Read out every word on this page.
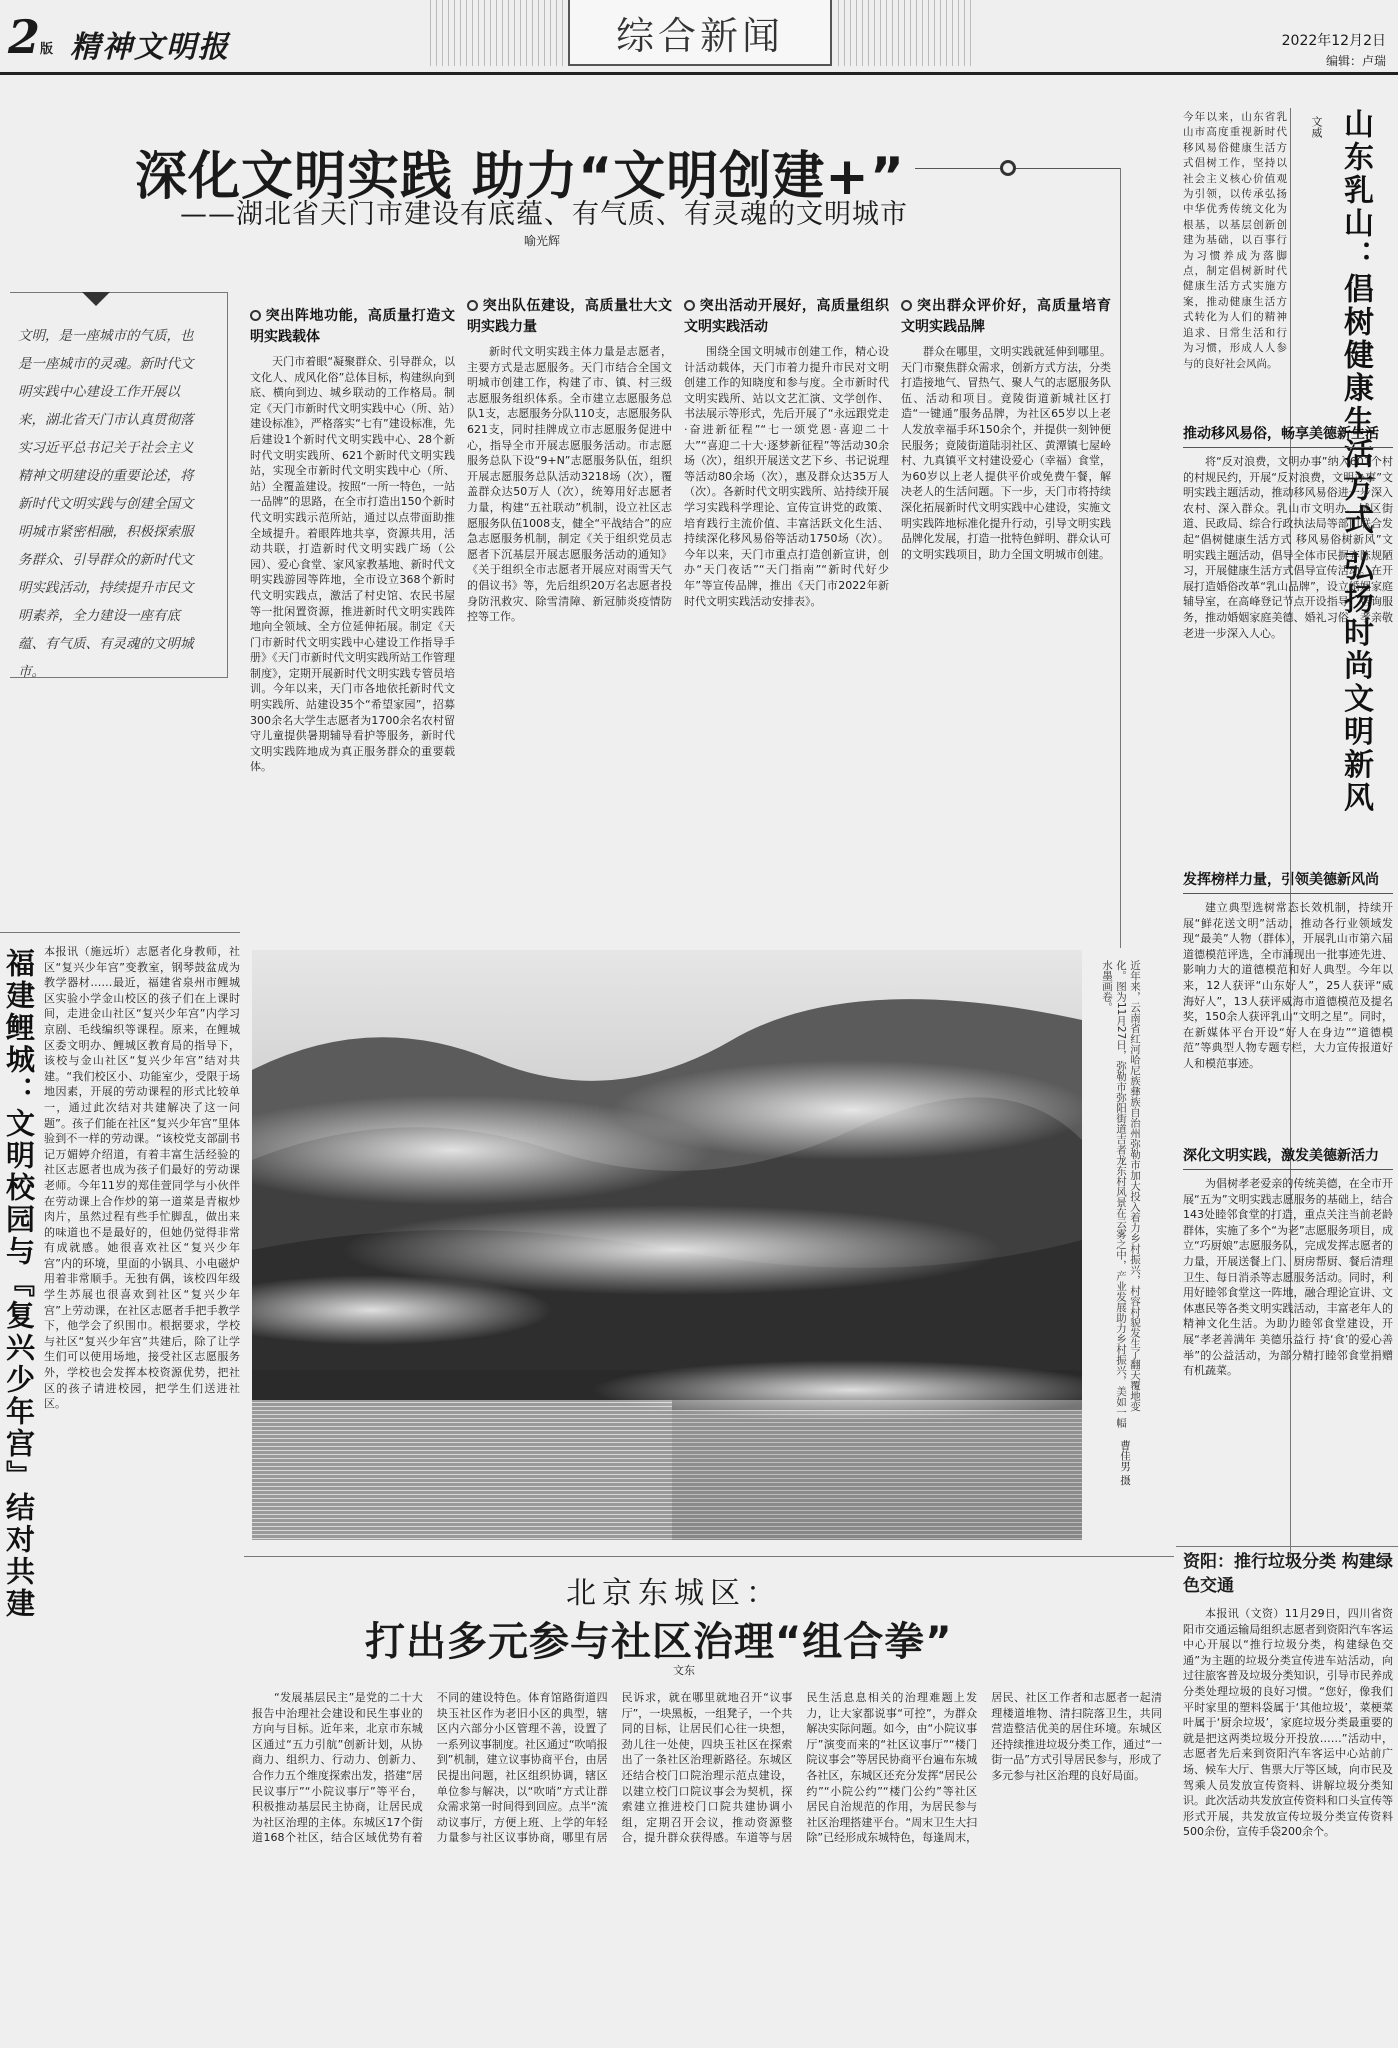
2版 精神文明报	综合新闻	2022年12月2日
编辑：卢瑞
深化文明实践 助力“文明创建+”
——湖北省天门市建设有底蕴、有气质、有灵魂的文明城市
喻光辉
文明，是一座城市的气质，也是一座城市的灵魂。新时代文明实践中心建设工作开展以来，湖北省天门市认真贯彻落实习近平总书记关于社会主义精神文明建设的重要论述，将新时代文明实践与创建全国文明城市紧密相融，积极探索服务群众、引导群众的新时代文明实践活动，持续提升市民文明素养，全力建设一座有底蕴、有气质、有灵魂的文明城市。
突出阵地功能，高质量打造文明实践载体
天门市着眼“凝聚群众、引导群众，以文化人、成风化俗”总体目标，构建纵向到底、横向到边、城乡联动的工作格局。制定《天门市新时代文明实践中心（所、站）建设标准》，严格落实“七有”建设标准，先后建设1个新时代文明实践中心、28个新时代文明实践所、621个新时代文明实践站，实现全市新时代文明实践中心（所、站）全覆盖建设。按照“一所一特色，一站一品牌”的思路，在全市打造出150个新时代文明实践示范所站，通过以点带面助推全域提升。着眼阵地共享，资源共用，活动共联，打造新时代文明实践广场（公园）、爱心食堂、家风家教基地、新时代文明实践游园等阵地，全市设立368个新时代文明实践点，激活了村史馆、农民书屋等一批闲置资源，推进新时代文明实践阵地向全领域、全方位延伸拓展。制定《天门市新时代文明实践中心建设工作指导手册》《天门市新时代文明实践所站工作管理制度》，定期开展新时代文明实践专管员培训。今年以来，天门市各地依托新时代文明实践所、站建设35个“希望家园”，招募300余名大学生志愿者为1700余名农村留守儿童提供暑期辅导看护等服务，新时代文明实践阵地成为真正服务群众的重要载体。
突出队伍建设，高质量壮大文明实践力量
新时代文明实践主体力量是志愿者，主要方式是志愿服务。天门市结合全国文明城市创建工作，构建了市、镇、村三级志愿服务组织体系。全市建立志愿服务总队1支，志愿服务分队110支，志愿服务队621支，同时挂牌成立市志愿服务促进中心，指导全市开展志愿服务活动。市志愿服务总队下设“9+N”志愿服务队伍，组织开展志愿服务总队活动3218场（次），覆盖群众达50万人（次），统筹用好志愿者力量，构建“五社联动”机制，设立社区志愿服务队伍1008支，健全“平战结合”的应急志愿服务机制，制定《关于组织党员志愿者下沉基层开展志愿服务活动的通知》《关于组织全市志愿者开展应对雨雪天气的倡议书》等，先后组织20万名志愿者投身防汛救灾、除雪清障、新冠肺炎疫情防控等工作。
突出活动开展好，高质量组织文明实践活动
围绕全国文明城市创建工作，精心设计活动载体，天门市着力提升市民对文明创建工作的知晓度和参与度。全市新时代文明实践所、站以文艺汇演、文学创作、书法展示等形式，先后开展了“永远跟党走·奋进新征程”“七一颂党恩·喜迎二十大”“喜迎二十大·逐梦新征程”等活动30余场（次），组织开展送文艺下乡、书记说理等活动80余场（次），惠及群众达35万人（次）。各新时代文明实践所、站持续开展学习实践科学理论、宣传宣讲党的政策、培育践行主流价值、丰富活跃文化生活、持续深化移风易俗等活动1750场（次）。今年以来，天门市重点打造创新宣讲，创办“天门夜话”“天门指南”“新时代好少年”等宣传品牌，推出《天门市2022年新时代文明实践活动安排表》。
突出群众评价好，高质量培育文明实践品牌
群众在哪里，文明实践就延伸到哪里。天门市聚焦群众需求，创新方式方法，分类打造接地气、冒热气、聚人气的志愿服务队伍、活动和项目。竟陵街道新城社区打造“一键通”服务品牌，为社区65岁以上老人发放幸福手环150余个，并提供一刻钟便民服务；竟陵街道陆羽社区、黄潭镇七屋岭村、九真镇平文村建设爱心（幸福）食堂，为60岁以上老人提供平价或免费午餐，解决老人的生活问题。下一步，天门市将持续深化拓展新时代文明实践中心建设，实施文明实践阵地标准化提升行动，引导文明实践品牌化发展，打造一批特色鲜明、群众认可的文明实践项目，助力全国文明城市创建。	山东乳山：倡树健康生活方式 弘扬时尚文明新风
文威
今年以来，山东省乳山市高度重视新时代移风易俗健康生活方式倡树工作，坚持以社会主义核心价值观为引领，以传承弘扬中华优秀传统文化为根基，以基层创新创建为基础，以百事行为习惯养成为落脚点，制定倡树新时代健康生活方式实施方案，推动健康生活方式转化为人们的精神追求、日常生活和行为习惯，形成人人参与的良好社会风尚。
推动移风易俗，畅享美德新生活
将“反对浪费，文明办事”纳入601个村的村规民约，开展“反对浪费，文明办事”文明实践主题活动，推动移风易俗进一步深入农村、深入群众。乳山市文明办、城区街道、民政局、综合行政执法局等部门联合发起“倡树健康生活方式 移风易俗树新风”文明实践主题活动，倡导全体市民摒弃陈规陋习，开展健康生活方式倡导宣传活动。在开展打造婚俗改革“乳山品牌”，设立婚姻家庭辅导室，在高峰登记节点开设指导、咨询服务，推动婚姻家庭美德、婚礼习俗、孝亲敬老进一步深入人心。
发挥榜样力量，引领美德新风尚
建立典型选树常态长效机制，持续开展“鲜花送文明”活动，推动各行业领域发现“最美”人物（群体），开展乳山市第六届道德模范评选，全市涌现出一批事迹先进、影响力大的道德模范和好人典型。今年以来，12人获评“山东好人”，25人获评“威海好人”，13人获评威海市道德模范及提名奖，150余人获评乳山“文明之星”。同时，在新媒体平台开设“好人在身边”“道德模范”等典型人物专题专栏，大力宣传报道好人和模范事迹。
深化文明实践，激发美德新活力
为倡树孝老爱亲的传统美德，在全市开展“五为”文明实践志愿服务的基础上，结合143处睦邻食堂的打造，重点关注当前老龄群体，实施了多个“为老”志愿服务项目，成立“巧厨娘”志愿服务队，完成发挥志愿者的力量，开展送餐上门、厨房帮厨、餐后清理卫生、每日消杀等志愿服务活动。同时，利用好睦邻食堂这一阵地，融合理论宣讲、文体惠民等各类文明实践活动，丰富老年人的精神文化生活。为助力睦邻食堂建设，开展“孝老善满年 美德乐益行 持‘食’的爱心善举”的公益活动，为部分精打睦邻食堂捐赠有机蔬菜。
福建鲤城：文明校园与『复兴少年宫』结对共建 本报讯（施远圻）志愿者化身教师，社区“复兴少年宫”变教室，钢琴鼓盆成为教学器材……最近，福建省泉州市鲤城区实验小学金山校区的孩子们在上课时间，走进金山社区“复兴少年宫”内学习京剧、毛线编织等课程。原来，在鲤城区委文明办、鲤城区教育局的指导下，该校与金山社区“复兴少年宫”结对共建。“我们校区小、功能室少，受限于场地因素，开展的劳动课程的形式比较单一，通过此次结对共建解决了这一问题”。孩子们能在社区“复兴少年宫”里体验到不一样的劳动课。“该校党支部副书记万媚婷介绍道，有着丰富生活经验的社区志愿者也成为孩子们最好的劳动课老师。今年11岁的郑佳萱同学与小伙伴在劳动课上合作炒的第一道菜是青椒炒肉片，虽然过程有些手忙脚乱，做出来的味道也不是最好的，但她仍觉得非常有成就感。她很喜欢社区“复兴少年宫”内的环境，里面的小锅具、小电磁炉用着非常顺手。无独有偶，该校四年级学生苏展也很喜欢到社区“复兴少年宫”上劳动课，在社区志愿者手把手教学下，他学会了织围巾。根据要求，学校与社区“复兴少年宫”共建后，除了让学生们可以使用场地，接受社区志愿服务外，学校也会发挥本校资源优势，把社区的孩子请进校园，把学生们送进社区。	近年来，云南省红河哈尼族彝族自治州弥勒市加大投入着力乡村振兴，村容村貌发生了翻天覆地变化。图为11月27日，弥勒市弥阳街道吉者龙东村风景在云雾之中，产业发展助力乡村振兴，美如一幅水墨画卷。
曹佳男 摄
北京东城区：
打出多元参与社区治理“组合拳”
文东
“发展基层民主”是党的二十大报告中治理社会建设和民生事业的方向与目标。近年来，北京市东城区通过“五力引航”创新计划，从协商力、组织力、行动力、创新力、合作力五个维度探索出发，搭建“居民议事厅”“小院议事厅”等平台，积极推动基层民主协商，让居民成为社区治理的主体。东城区17个街道168个社区，结合区域优势有着不同的建设特色。体育馆路街道四块玉社区作为老旧小区的典型，辖区内六部分小区管理不善，设置了一系列议事制度。社区通过“吹哨报到”机制，建立议事协商平台，由居民提出问题，社区组织协调，辖区单位参与解决，以“吹哨”方式让群众需求第一时间得到回应。点半“流动议事厅，方便上班、上学的年轻力量参与社区议事协商，哪里有居民诉求，就在哪里就地召开“议事厅”，一块黑板，一组凳子，一个共同的目标，让居民们心往一块想，劲儿往一处使，四块玉社区在探索出了一条社区治理新路径。东城区还结合校门口院治理示范点建设，以建立校门口院议事会为契机，探索建立推进校门口院共建协调小组，定期召开会议，推动资源整合，提升群众获得感。车道等与居民生活息息相关的治理难题上发力，让大家都说事“可控”，为群众解决实际问题。如今，由“小院议事厅”演变而来的“社区议事厅”“楼门院议事会”等居民协商平台遍布东城各社区，东城区还充分发挥“居民公约”“小院公约”“楼门公约”等社区居民自治规范的作用，为居民参与社区治理搭建平台。“周末卫生大扫除”已经形成东城特色，每逢周末，居民、社区工作者和志愿者一起清理楼道堆物、清扫院落卫生，共同营造整洁优美的居住环境。东城区还持续推进垃圾分类工作，通过“一街一品”方式引导居民参与，形成了多元参与社区治理的良好局面。
资阳：推行垃圾分类 构建绿色交通
本报讯（文资）11月29日，四川省资阳市交通运输局组织志愿者到资阳汽车客运中心开展以“推行垃圾分类，构建绿色交通”为主题的垃圾分类宣传进车站活动，向过往旅客普及垃圾分类知识，引导市民养成分类处理垃圾的良好习惯。“您好，像我们平时家里的塑料袋属于‘其他垃圾’，菜梗菜叶属于‘厨余垃圾’，家庭垃圾分类最重要的就是把这两类垃圾分开投放……”活动中，志愿者先后来到资阳汽车客运中心站前广场、候车大厅、售票大厅等区域，向市民及驾乘人员发放宣传资料、讲解垃圾分类知识。此次活动共发放宣传资料和口头宣传等形式开展，共发放宣传垃圾分类宣传资料500余份，宣传手袋200余个。
